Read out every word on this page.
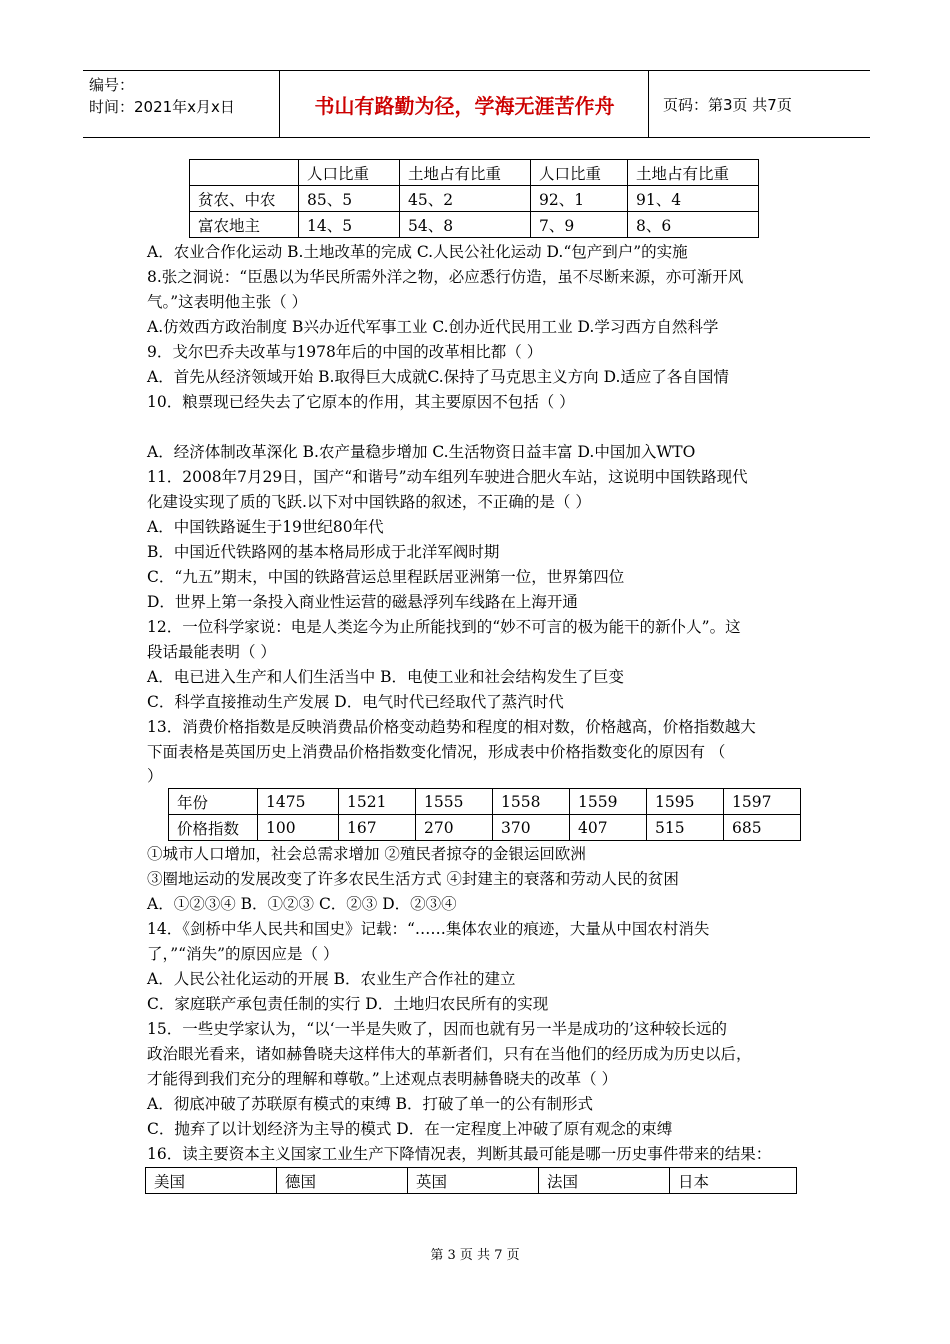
编号：
时间：2021年x月x日	书山有路勤为径，学海无涯苦作舟	页码：第3页 共7页
	人口比重	土地占有比重	人口比重	土地占有比重
贫农、中农	85、5	45、2	92、1	91、4
富农地主	14、5	54、8	7、9	8、6
A．农业合作化运动 B.土地改革的完成 C.人民公社化运动 D.“包产到户”的实施
8.张之洞说：“臣愚以为华民所需外洋之物，必应悉行仿造，虽不尽断来源，亦可渐开风
气。”这表明他主张（ ）
A.仿效西方政治制度 B兴办近代军事工业 C.创办近代民用工业 D.学习西方自然科学
9．戈尔巴乔夫改革与1978年后的中国的改革相比都（ ）
A．首先从经济领域开始 B.取得巨大成就C.保持了马克思主义方向 D.适应了各自国情
10．粮票现已经失去了它原本的作用，其主要原因不包括（ ）
A．经济体制改革深化 B.农产量稳步增加 C.生活物资日益丰富 D.中国加入WTO
11．2008年7月29日，国产“和谐号”动车组列车驶进合肥火车站，这说明中国铁路现代
化建设实现了质的飞跃.以下对中国铁路的叙述，不正确的是（ ）
A．中国铁路诞生于19世纪80年代
B．中国近代铁路网的基本格局形成于北洋军阀时期
C．“九五”期末，中国的铁路营运总里程跃居亚洲第一位，世界第四位
D．世界上第一条投入商业性运营的磁悬浮列车线路在上海开通
12．一位科学家说：电是人类迄今为止所能找到的“妙不可言的极为能干的新仆人”。这
段话最能表明（ ）
A．电已进入生产和人们生活当中 B．电使工业和社会结构发生了巨变
C．科学直接推动生产发展 D．电气时代已经取代了蒸汽时代
13．消费价格指数是反映消费品价格变动趋势和程度的相对数，价格越高，价格指数越大
下面表格是英国历史上消费品价格指数变化情况，形成表中价格指数变化的原因有 （
）
年份	1475	1521	1555	1558	1559	1595	1597
价格指数	100	167	270	370	407	515	685
①城市人口增加，社会总需求增加 ②殖民者掠夺的金银运回欧洲
③圈地运动的发展改变了许多农民生活方式 ④封建主的衰落和劳动人民的贫困
A．①②③④ B．①②③ C．②③ D．②③④
14．《剑桥中华人民共和国史》记载：“……集体农业的痕迹，大量从中国农村消失
了，”“消失”的原因应是（ ）
A．人民公社化运动的开展 B．农业生产合作社的建立
C．家庭联产承包责任制的实行 D．土地归农民所有的实现
15．一些史学家认为，“以‘一半是失败了，因而也就有另一半是成功的’这种较长远的
政治眼光看来，诸如赫鲁晓夫这样伟大的革新者们，只有在当他们的经历成为历史以后，
才能得到我们充分的理解和尊敬。”上述观点表明赫鲁晓夫的改革（ ）
A．彻底冲破了苏联原有模式的束缚 B．打破了单一的公有制形式
C．抛弃了以计划经济为主导的模式 D．在一定程度上冲破了原有观念的束缚
16．读主要资本主义国家工业生产下降情况表，判断其最可能是哪一历史事件带来的结果：
美国	德国	英国	法国	日本
第 3 页 共 7 页
